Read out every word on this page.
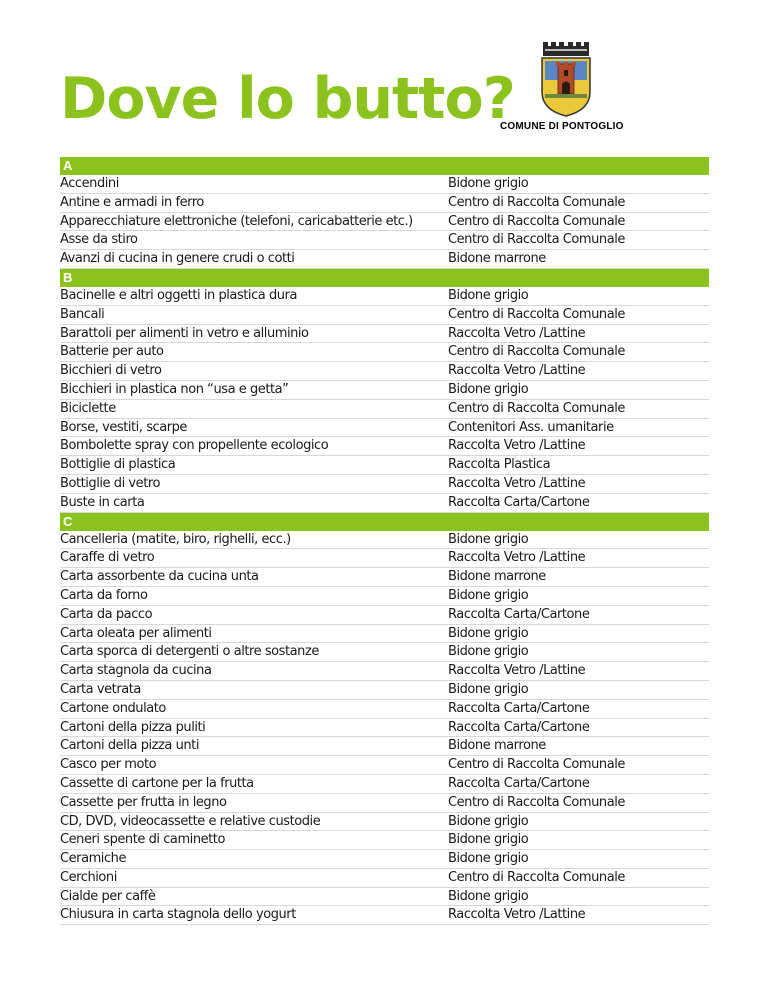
Dove lo butto?
COMUNE DI PONTOGLIO
A
Accendini	Bidone grigio
Antine e armadi in ferro	Centro di Raccolta Comunale
Apparecchiature elettroniche (telefoni, caricabatterie etc.)	Centro di Raccolta Comunale
Asse da stiro	Centro di Raccolta Comunale
Avanzi di cucina in genere crudi o cotti	Bidone marrone
B
Bacinelle e altri oggetti in plastica dura	Bidone grigio
Bancali	Centro di Raccolta Comunale
Barattoli per alimenti in vetro e alluminio	Raccolta Vetro /Lattine
Batterie per auto	Centro di Raccolta Comunale
Bicchieri di vetro	Raccolta Vetro /Lattine
Bicchieri in plastica non “usa e getta”	Bidone grigio
Biciclette	Centro di Raccolta Comunale
Borse, vestiti, scarpe	Contenitori Ass. umanitarie
Bombolette spray con propellente ecologico	Raccolta Vetro /Lattine
Bottiglie di plastica	Raccolta Plastica
Bottiglie di vetro	Raccolta Vetro /Lattine
Buste in carta	Raccolta Carta/Cartone
C
Cancelleria (matite, biro, righelli, ecc.)	Bidone grigio
Caraffe di vetro	Raccolta Vetro /Lattine
Carta assorbente da cucina unta	Bidone marrone
Carta da forno	Bidone grigio
Carta da pacco	Raccolta Carta/Cartone
Carta oleata per alimenti	Bidone grigio
Carta sporca di detergenti o altre sostanze	Bidone grigio
Carta stagnola da cucina	Raccolta Vetro /Lattine
Carta vetrata	Bidone grigio
Cartone ondulato	Raccolta Carta/Cartone
Cartoni della pizza puliti	Raccolta Carta/Cartone
Cartoni della pizza unti	Bidone marrone
Casco per moto	Centro di Raccolta Comunale
Cassette di cartone per la frutta	Raccolta Carta/Cartone
Cassette per frutta in legno	Centro di Raccolta Comunale
CD, DVD, videocassette e relative custodie	Bidone grigio
Ceneri spente di caminetto	Bidone grigio
Ceramiche	Bidone grigio
Cerchioni	Centro di Raccolta Comunale
Cialde per caffè	Bidone grigio
Chiusura in carta stagnola dello yogurt	Raccolta Vetro /Lattine
